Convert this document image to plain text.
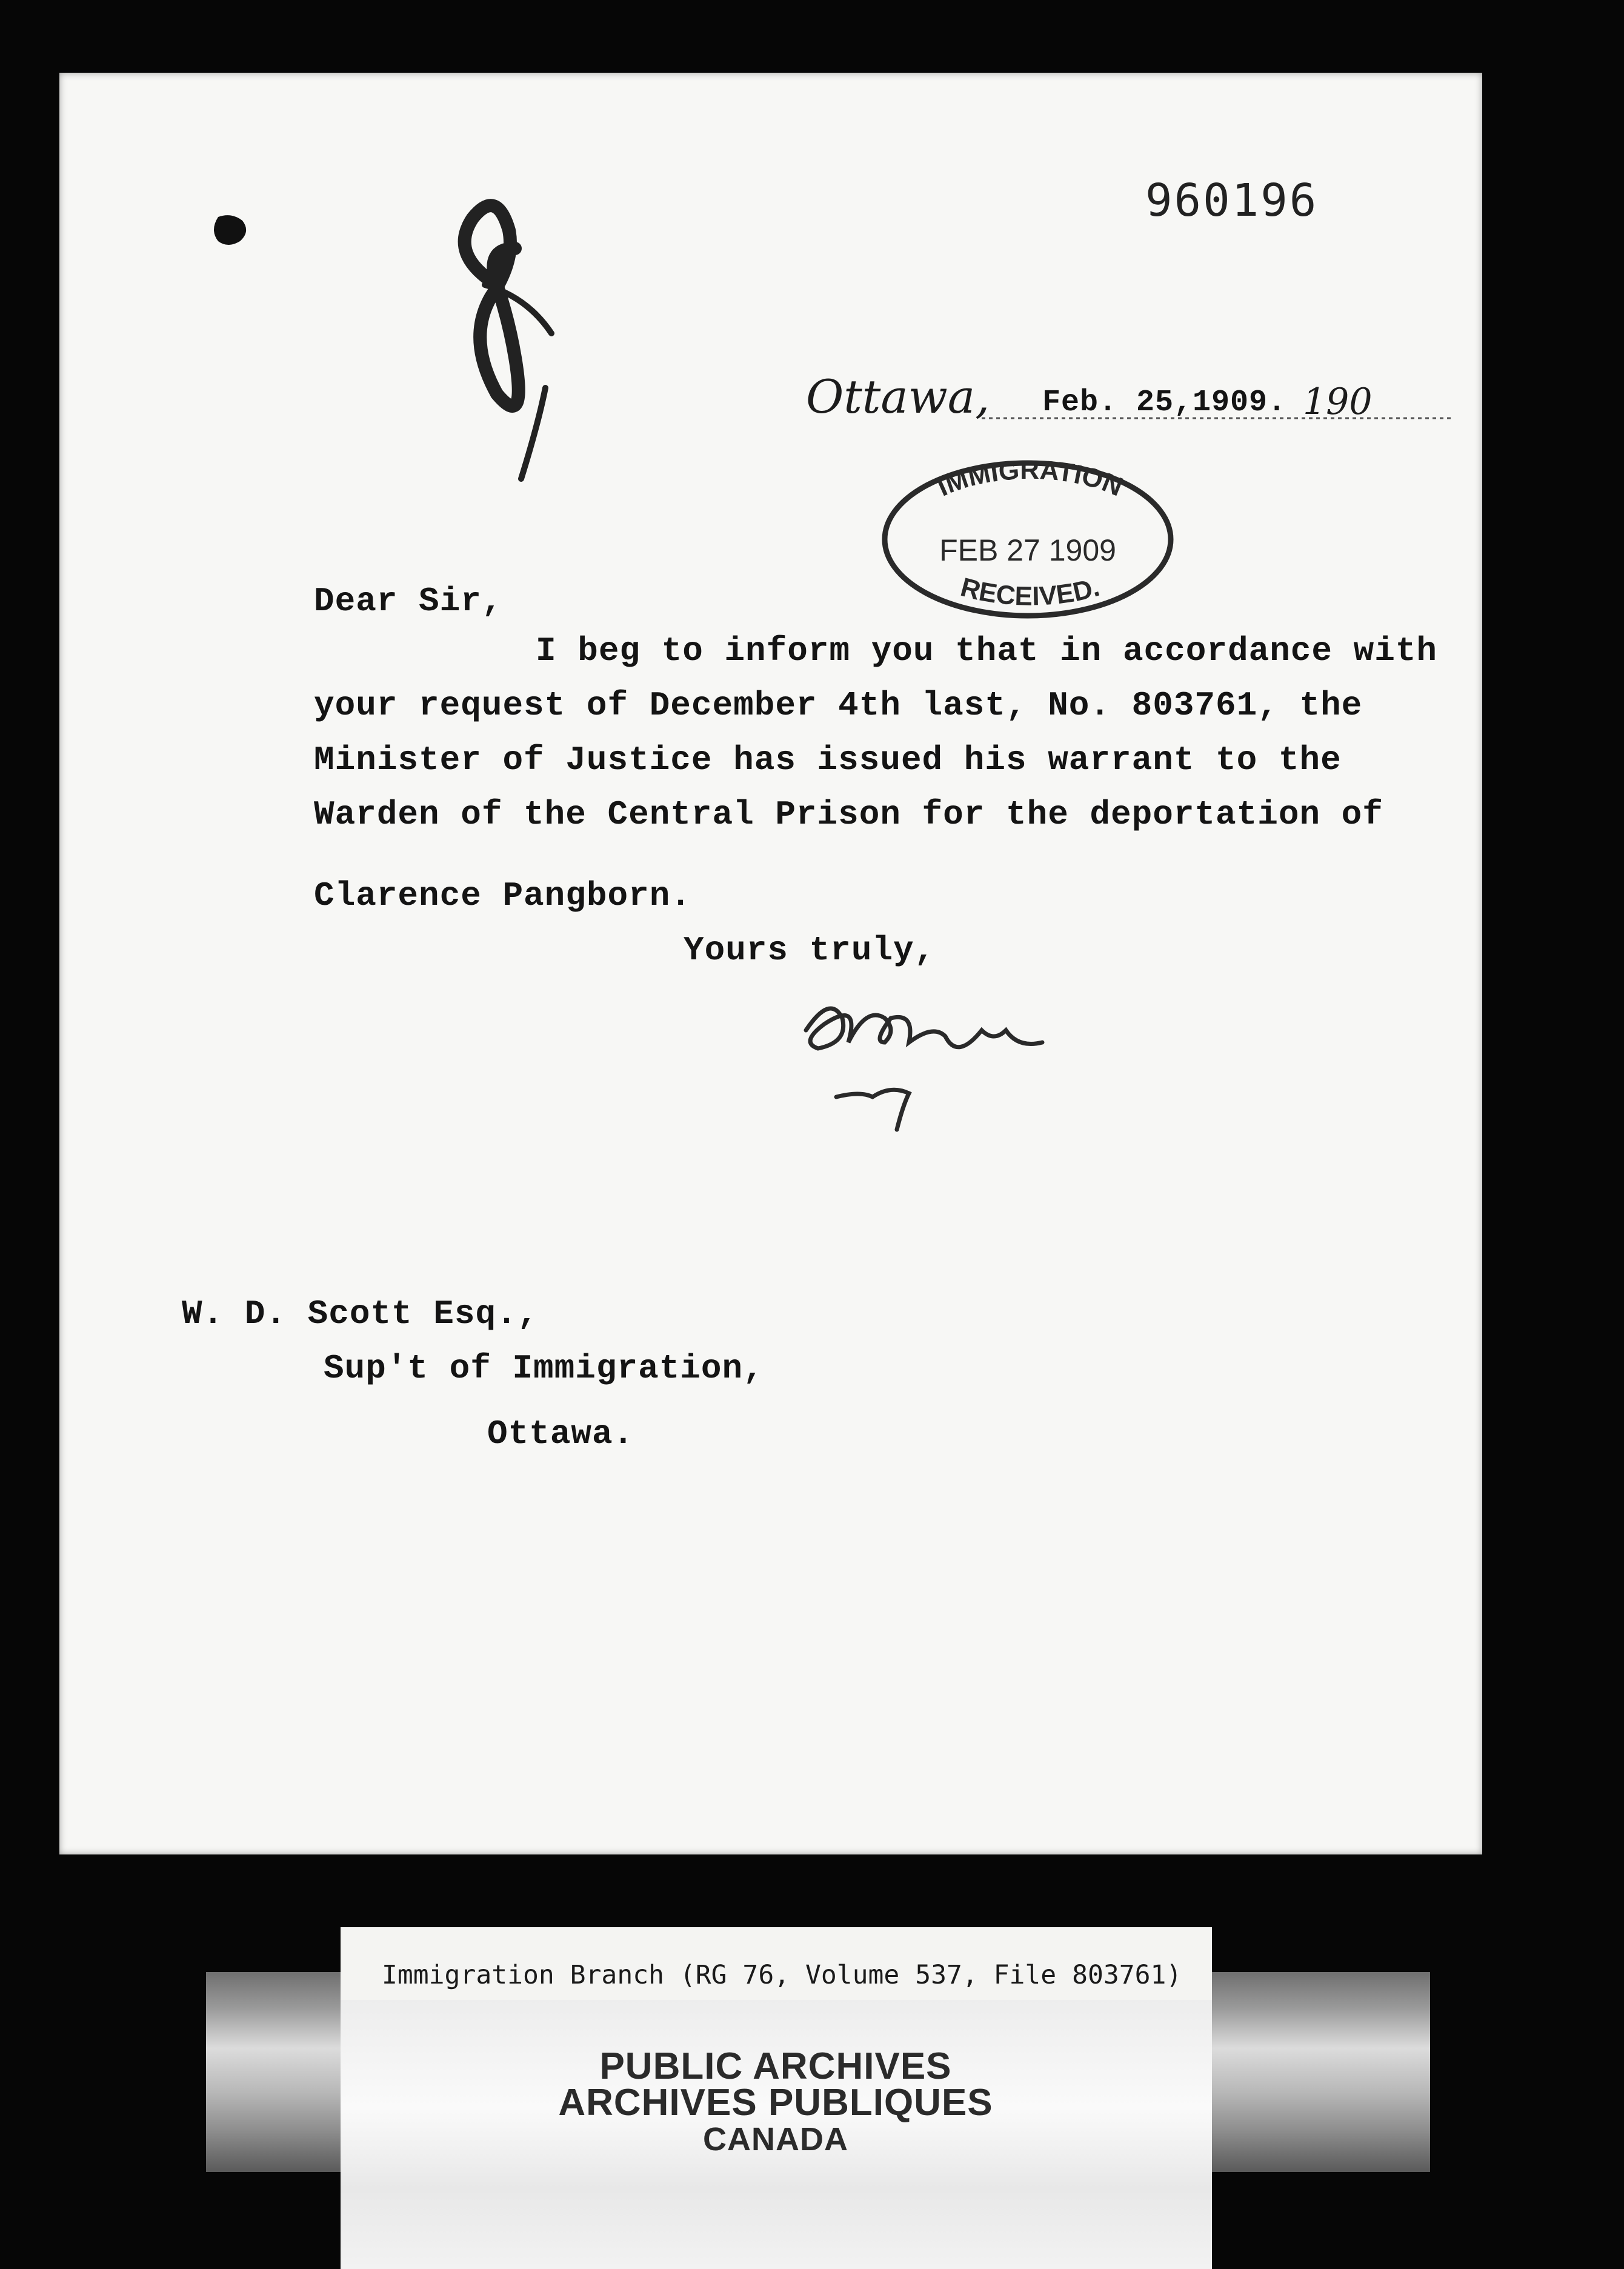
IMMIGRATION
FEB 27 1909
RECEIVED.
960196
Ottawa, Feb. 25,1909. 190
Dear Sir,
I beg to inform you that in accordance with
your request of December 4th last, No. 803761, the
Minister of Justice has issued his warrant to the
Warden of the Central Prison for the deportation of
Clarence Pangborn.
Yours truly,
W. D. Scott Esq.,
Sup't of Immigration,
Ottawa.
Immigration Branch (RG 76, Volume 537, File 803761)
PUBLIC ARCHIVES
ARCHIVES PUBLIQUES
CANADA
